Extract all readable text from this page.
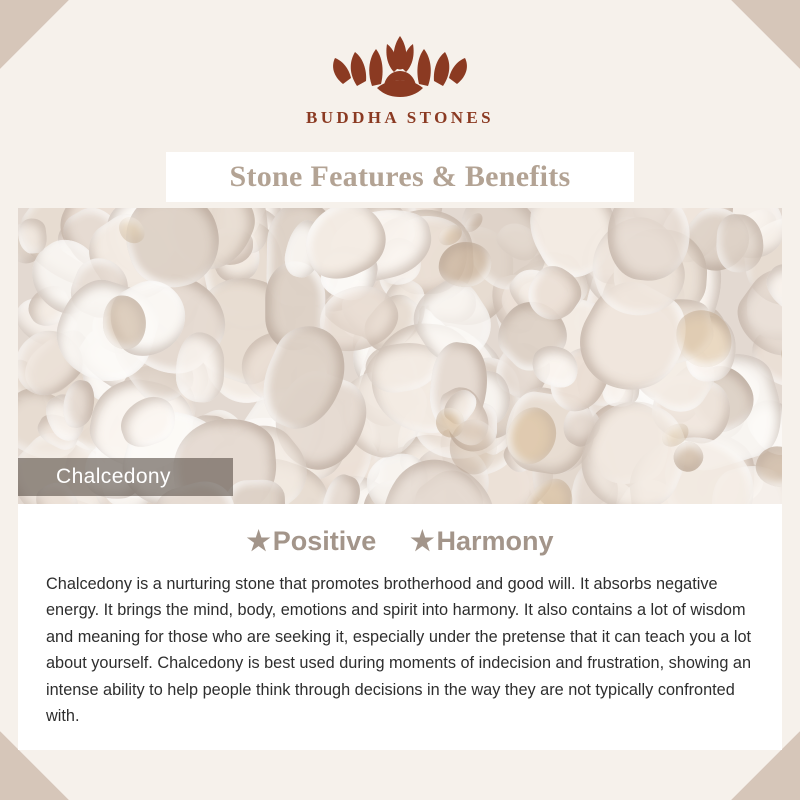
BUDDHA STONES
Stone Features & Benefits
Chalcedony
★ Positive ★ Harmony
Chalcedony is a nurturing stone that promotes brotherhood and good will. It absorbs negative energy. It brings the mind, body, emotions and spirit into harmony. It also contains a lot of wisdom and meaning for those who are seeking it, especially under the pretense that it can teach you a lot about yourself. Chalcedony is best used during moments of indecision and frustration, showing an intense ability to help people think through decisions in the way they are not typically confronted with.
